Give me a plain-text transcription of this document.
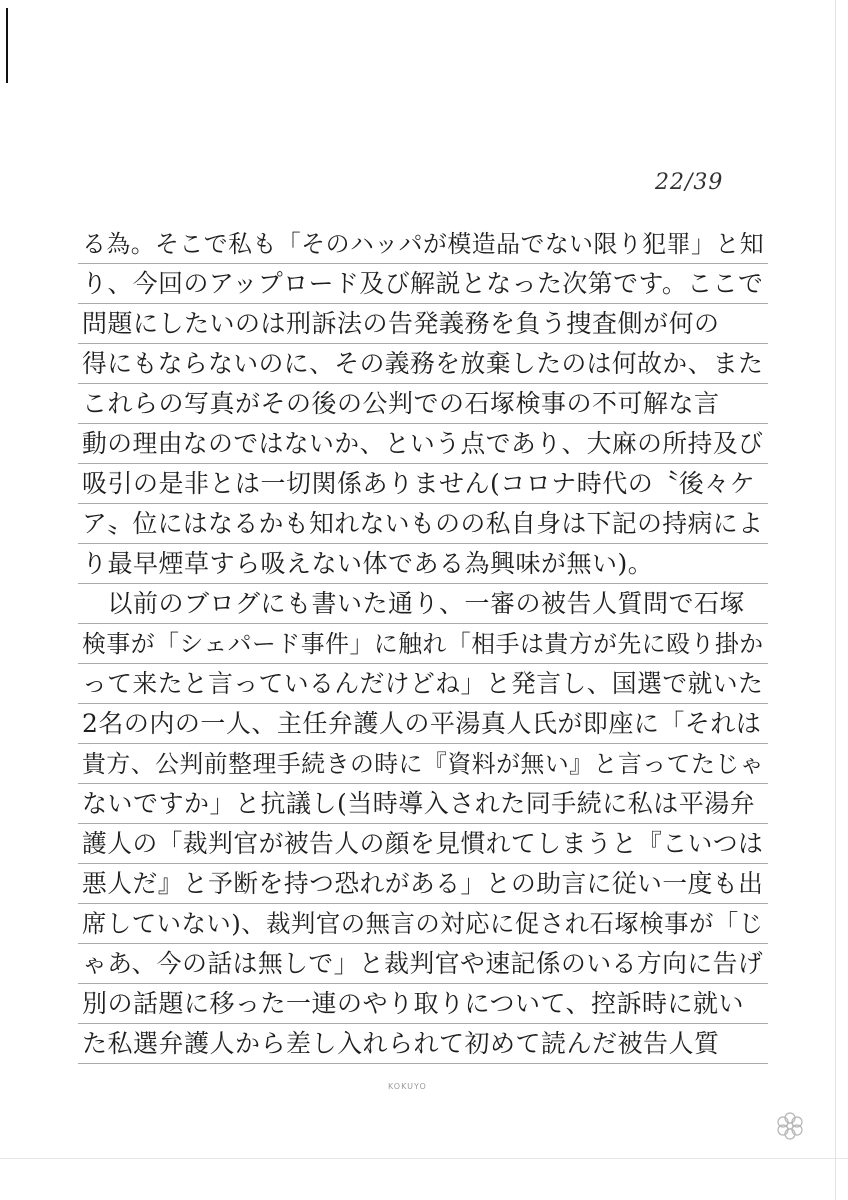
22/39
る為。そこで私も「そのハッパが模造品でない限り犯罪」と知
り、今回のアップロード及び解説となった次第です。ここで
問題にしたいのは刑訴法の告発義務を負う捜査側が何の
得にもならないのに、その義務を放棄したのは何故か、また
これらの写真がその後の公判での石塚検事の不可解な言
動の理由なのではないか、という点であり、大麻の所持及び
吸引の是非とは一切関係ありません(コロナ時代の〝後々ケ
ア〟位にはなるかも知れないものの私自身は下記の持病によ
り最早煙草すら吸えない体である為興味が無い)。
　以前のブログにも書いた通り、一審の被告人質問で石塚
検事が「シェパード事件」に触れ「相手は貴方が先に殴り掛か
って来たと言っているんだけどね」と発言し、国選で就いた
2名の内の一人、主任弁護人の平湯真人氏が即座に「それは
貴方、公判前整理手続きの時に『資料が無い』と言ってたじゃ
ないですか」と抗議し(当時導入された同手続に私は平湯弁
護人の「裁判官が被告人の顔を見慣れてしまうと『こいつは
悪人だ』と予断を持つ恐れがある」との助言に従い一度も出
席していない)、裁判官の無言の対応に促され石塚検事が「じ
ゃあ、今の話は無しで」と裁判官や速記係のいる方向に告げ
別の話題に移った一連のやり取りについて、控訴時に就い
た私選弁護人から差し入れられて初めて読んだ被告人質
KOKUYO
